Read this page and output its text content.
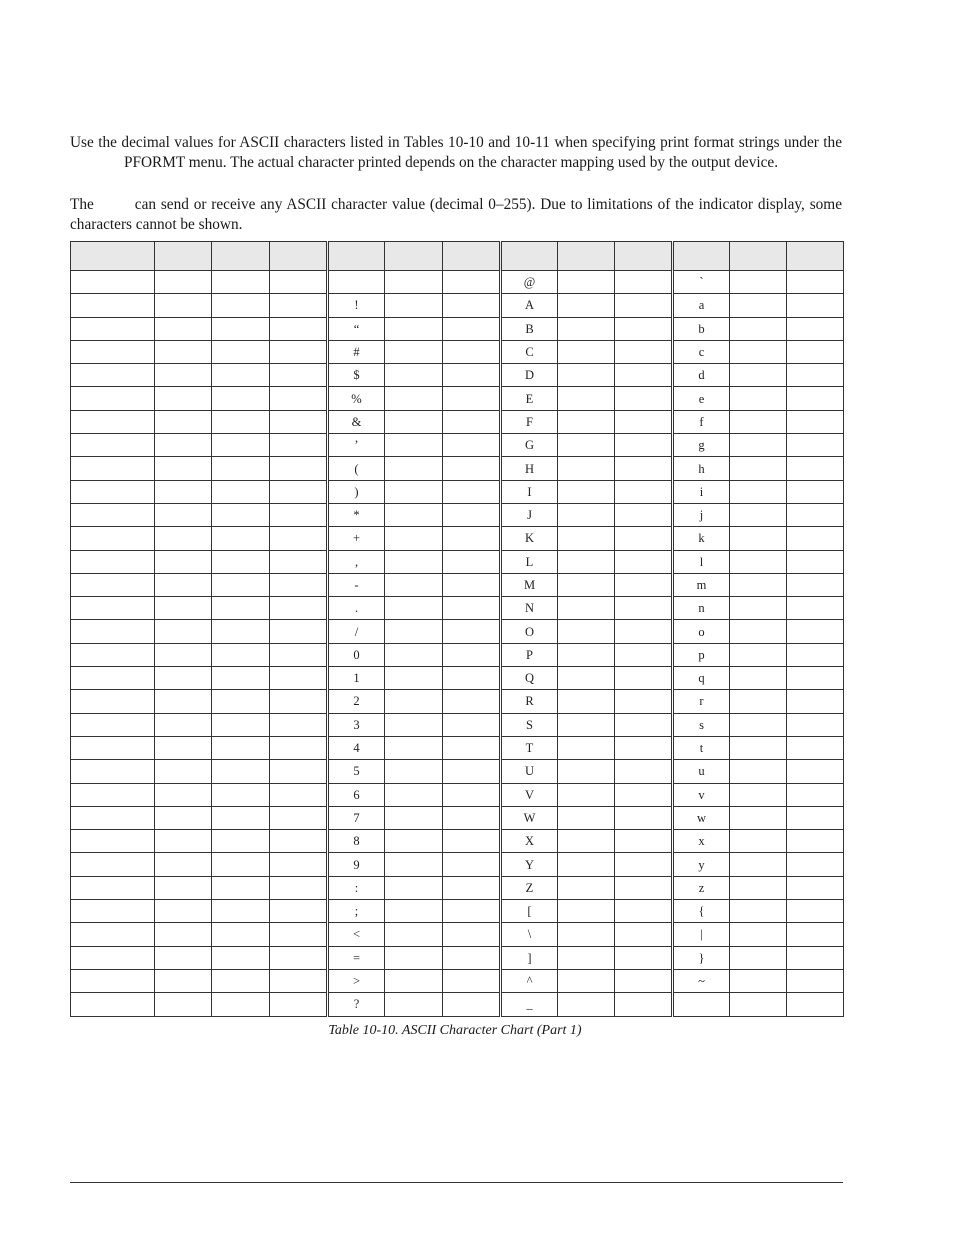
Use the decimal values for ASCII characters listed in Tables 10-10 and 10-11 when specifying print format strings under thePFORMT menu. The actual character printed depends on the character mapping used by the output device.

The	can send or receive any ASCII character value (decimal 0–255). Due to limitations of the indicator display, some characters cannot be shown.

							@			`		
				!			A			a		
				“			B			b		
				#			C			c		
				$			D			d		
				%			E			e		
				&			F			f		
				’			G			g		
				(			H			h		
				)			I			i		
				*			J			j		
				+			K			k		
				,			L			l		
				-			M			m		
				.			N			n		
				/			O			o		
				0			P			p		
				1			Q			q		
				2			R			r		
				3			S			s		
				4			T			t		
				5			U			u		
				6			V			v		
				7			W			w		
				8			X			x		
				9			Y			y		
				:			Z			z		
				;			[			{		
				<			\			|		
				=			]			}		
				>			^			~		
				?			_					
Table 10-10. ASCII Character Chart (Part 1)
